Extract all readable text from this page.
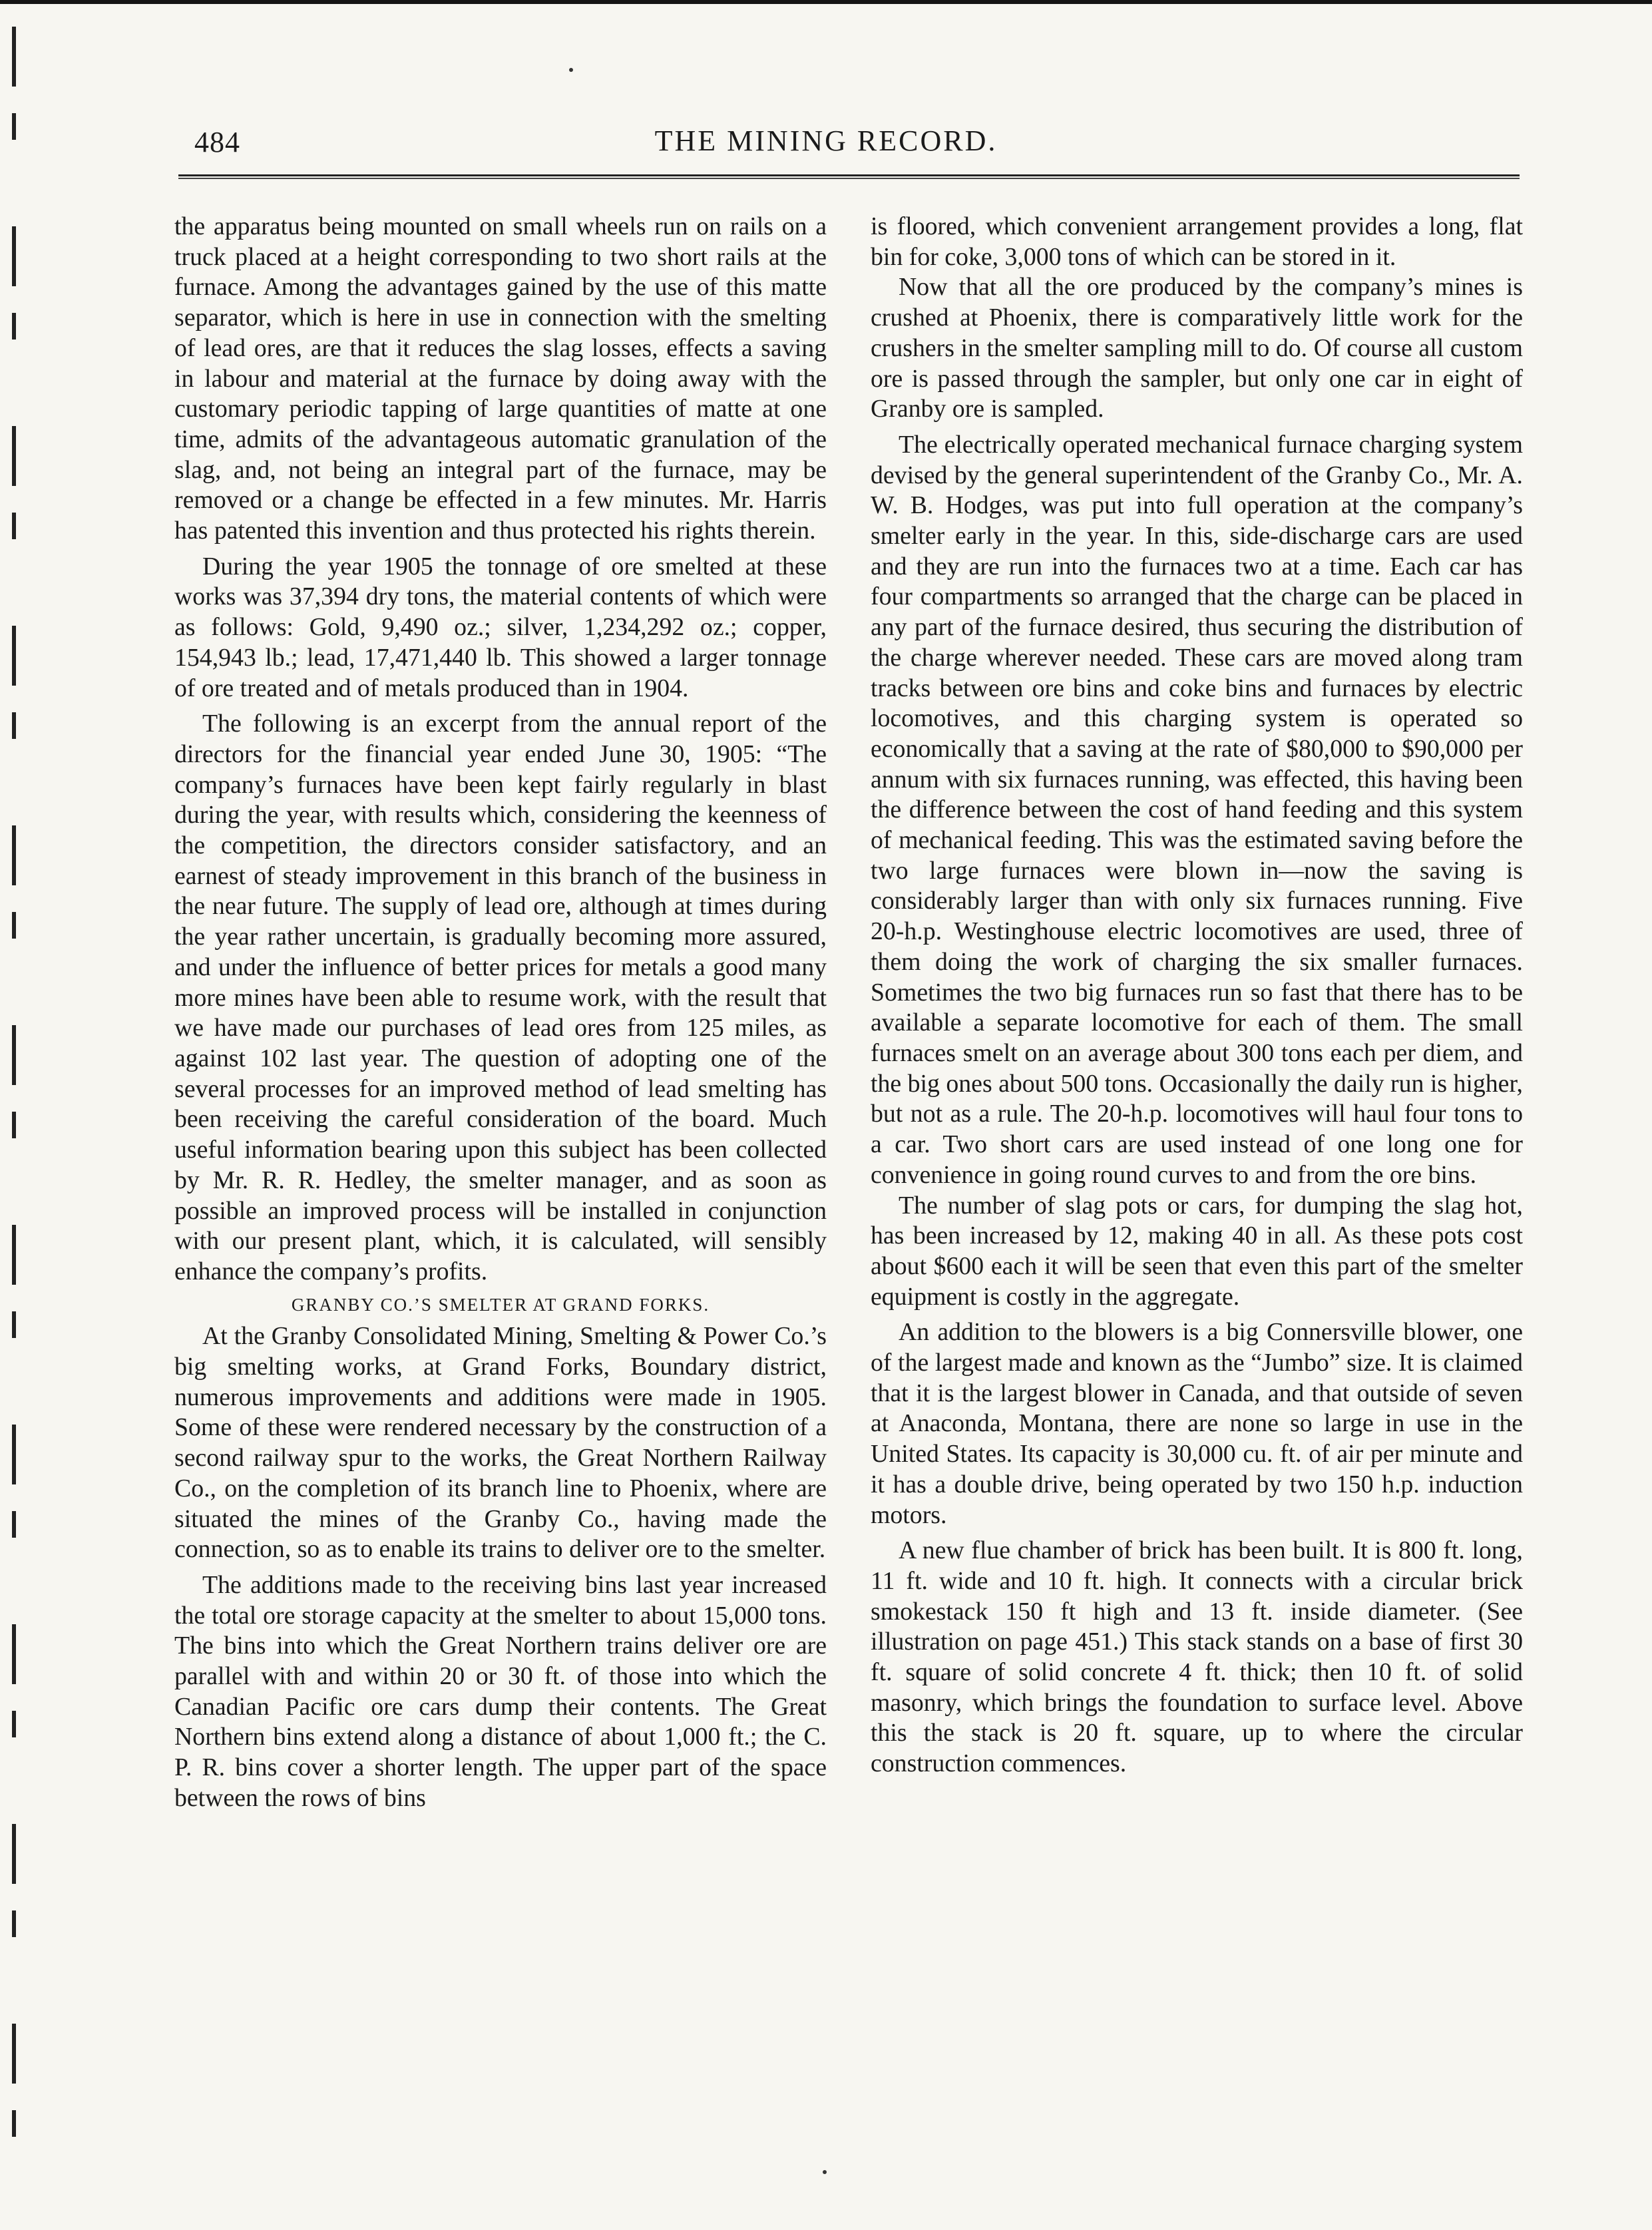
484	THE MINING RECORD.

the apparatus being mounted on small wheels run on rails on a truck placed at a height corresponding to two short rails at the furnace. Among the advantages gained by the use of this matte separator, which is here in use in connection with the smelting of lead ores, are that it reduces the slag losses, effects a saving in labour and material at the furnace by doing away with the customary periodic tapping of large quantities of matte at one time, admits of the advantageous automatic granulation of the slag, and, not being an integral part of the furnace, may be removed or a change be effected in a few minutes. Mr. Harris has patented this invention and thus protected his rights therein.

During the year 1905 the tonnage of ore smelted at these works was 37,394 dry tons, the material contents of which were as follows: Gold, 9,490 oz.; silver, 1,234,292 oz.; copper, 154,943 lb.; lead, 17,471,440 lb. This showed a larger tonnage of ore treated and of metals produced than in 1904.

The following is an excerpt from the annual report of the directors for the financial year ended June 30, 1905: “The company’s furnaces have been kept fairly regularly in blast during the year, with results which, considering the keenness of the competition, the directors consider satisfactory, and an earnest of steady improvement in this branch of the business in the near future. The supply of lead ore, although at times during the year rather uncertain, is gradually becoming more assured, and under the influence of better prices for metals a good many more mines have been able to resume work, with the result that we have made our purchases of lead ores from 125 miles, as against 102 last year. The question of adopting one of the several processes for an improved method of lead smelting has been receiving the careful consideration of the board. Much useful information bearing upon this subject has been collected by Mr. R. R. Hedley, the smelter manager, and as soon as possible an improved process will be installed in conjunction with our present plant, which, it is calculated, will sensibly enhance the company’s profits.

GRANBY CO.’S SMELTER AT GRAND FORKS.

At the Granby Consolidated Mining, Smelting & Power Co.’s big smelting works, at Grand Forks, Boundary district, numerous improvements and additions were made in 1905. Some of these were rendered necessary by the construction of a second railway spur to the works, the Great Northern Railway Co., on the completion of its branch line to Phoenix, where are situated the mines of the Granby Co., having made the connection, so as to enable its trains to deliver ore to the smelter.

The additions made to the receiving bins last year increased the total ore storage capacity at the smelter to about 15,000 tons. The bins into which the Great Northern trains deliver ore are parallel with and within 20 or 30 ft. of those into which the Canadian Pacific ore cars dump their contents. The Great Northern bins extend along a distance of about 1,000 ft.; the C. P. R. bins cover a shorter length. The upper part of the space between the rows of bins

is floored, which convenient arrangement provides a long, flat bin for coke, 3,000 tons of which can be stored in it.

Now that all the ore produced by the company’s mines is crushed at Phoenix, there is comparatively little work for the crushers in the smelter sampling mill to do. Of course all custom ore is passed through the sampler, but only one car in eight of Granby ore is sampled.

The electrically operated mechanical furnace charging system devised by the general superintendent of the Granby Co., Mr. A. W. B. Hodges, was put into full operation at the company’s smelter early in the year. In this, side-discharge cars are used and they are run into the furnaces two at a time. Each car has four compartments so arranged that the charge can be placed in any part of the furnace desired, thus securing the distribution of the charge wherever needed. These cars are moved along tram tracks between ore bins and coke bins and furnaces by electric locomotives, and this charging system is operated so economically that a saving at the rate of $80,000 to $90,000 per annum with six furnaces running, was effected, this having been the difference between the cost of hand feeding and this system of mechanical feeding. This was the estimated saving before the two large furnaces were blown in—now the saving is considerably larger than with only six furnaces running. Five 20-h.p. Westinghouse electric locomotives are used, three of them doing the work of charging the six smaller furnaces. Sometimes the two big furnaces run so fast that there has to be available a separate locomotive for each of them. The small furnaces smelt on an average about 300 tons each per diem, and the big ones about 500 tons. Occasionally the daily run is higher, but not as a rule. The 20-h.p. locomotives will haul four tons to a car. Two short cars are used instead of one long one for convenience in going round curves to and from the ore bins.

The number of slag pots or cars, for dumping the slag hot, has been increased by 12, making 40 in all. As these pots cost about $600 each it will be seen that even this part of the smelter equipment is costly in the aggregate.

An addition to the blowers is a big Connersville blower, one of the largest made and known as the “Jumbo” size. It is claimed that it is the largest blower in Canada, and that outside of seven at Anaconda, Montana, there are none so large in use in the United States. Its capacity is 30,000 cu. ft. of air per minute and it has a double drive, being operated by two 150 h.p. induction motors.

A new flue chamber of brick has been built. It is 800 ft. long, 11 ft. wide and 10 ft. high. It connects with a circular brick smokestack 150 ft high and 13 ft. inside diameter. (See illustration on page 451.) This stack stands on a base of first 30 ft. square of solid concrete 4 ft. thick; then 10 ft. of solid masonry, which brings the foundation to surface level. Above this the stack is 20 ft. square, up to where the circular construction commences.
